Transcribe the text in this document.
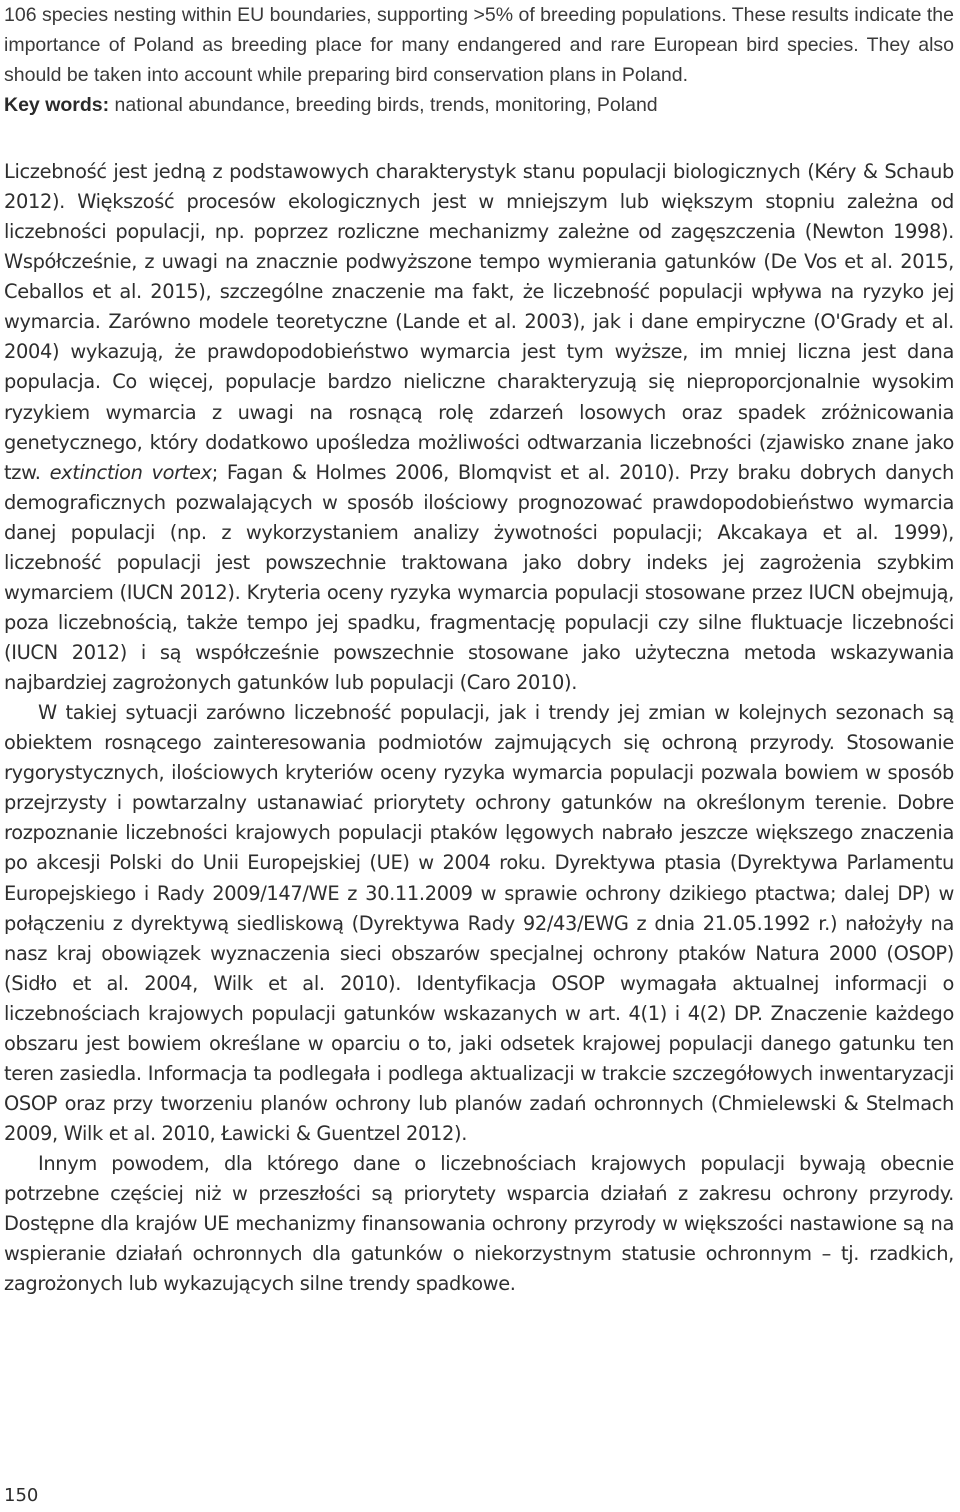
106 species nesting within EU boundaries, supporting >5% of breeding populations. These results indicate the importance of Poland as breeding place for many endangered and rare European bird species. They also should be taken into account while preparing bird conservation plans in Poland.

Key words: national abundance, breeding birds, trends, monitoring, Poland

Liczebność jest jedną z podstawowych charakterystyk stanu populacji biologicznych (Kéry & Schaub 2012). Większość procesów ekologicznych jest w mniejszym lub większym stopniu zależna od liczebności populacji, np. poprzez rozliczne mechanizmy zależne od zagęszczenia (Newton 1998). Współcześnie, z uwagi na znacznie podwyższone tempo wymierania gatunków (De Vos et al. 2015, Ceballos et al. 2015), szczególne znaczenie ma fakt, że liczebność populacji wpływa na ryzyko jej wymarcia. Zarówno modele teoretyczne (Lande et al. 2003), jak i dane empiryczne (O'Grady et al. 2004) wykazują, że prawdopodobieństwo wymarcia jest tym wyższe, im mniej liczna jest dana populacja. Co więcej, populacje bardzo nieliczne charakteryzują się nieproporcjonalnie wysokim ryzykiem wymarcia z uwagi na rosnącą rolę zdarzeń losowych oraz spadek zróżnicowania genetycznego, który dodatkowo upośledza możliwości odtwarzania liczebności (zjawisko znane jako tzw. extinction vortex; Fagan & Holmes 2006, Blomqvist et al. 2010). Przy braku dobrych danych demograficznych pozwalających w sposób ilościowy prognozować prawdopodobieństwo wymarcia danej populacji (np. z wykorzystaniem analizy żywotności populacji; Akcakaya et al. 1999), liczebność populacji jest powszechnie traktowana jako dobry indeks jej zagrożenia szybkim wymarciem (IUCN 2012). Kryteria oceny ryzyka wymarcia populacji stosowane przez IUCN obejmują, poza liczebnością, także tempo jej spadku, fragmentację populacji czy silne fluktuacje liczebności (IUCN 2012) i są współcześnie powszechnie stosowane jako użyteczna metoda wskazywania najbardziej zagrożonych gatunków lub populacji (Caro 2010).

W takiej sytuacji zarówno liczebność populacji, jak i trendy jej zmian w kolejnych sezonach są obiektem rosnącego zainteresowania podmiotów zajmujących się ochroną przyrody. Stosowanie rygorystycznych, ilościowych kryteriów oceny ryzyka wymarcia populacji pozwala bowiem w sposób przejrzysty i powtarzalny ustanawiać priorytety ochrony gatunków na określonym terenie. Dobre rozpoznanie liczebności krajowych populacji ptaków lęgowych nabrało jeszcze większego znaczenia po akcesji Polski do Unii Europejskiej (UE) w 2004 roku. Dyrektywa ptasia (Dyrektywa Parlamentu Europejskiego i Rady 2009/147/WE z 30.11.2009 w sprawie ochrony dzikiego ptactwa; dalej DP) w połączeniu z dyrektywą siedliskową (Dyrektywa Rady 92/43/EWG z dnia 21.05.1992 r.) nałożyły na nasz kraj obowiązek wyznaczenia sieci obszarów specjalnej ochrony ptaków Natura 2000 (OSOP) (Sidło et al. 2004, Wilk et al. 2010). Identyfikacja OSOP wymagała aktualnej informacji o liczebnościach krajowych populacji gatunków wskazanych w art. 4(1) i 4(2) DP. Znaczenie każdego obszaru jest bowiem określane w oparciu o to, jaki odsetek krajowej populacji danego gatunku ten teren zasiedla. Informacja ta podlegała i podlega aktualizacji w trakcie szczegółowych inwentaryzacji OSOP oraz przy tworzeniu planów ochrony lub planów zadań ochronnych (Chmielewski & Stelmach 2009, Wilk et al. 2010, Ławicki & Guentzel 2012).

Innym powodem, dla którego dane o liczebnościach krajowych populacji bywają obecnie potrzebne częściej niż w przeszłości są priorytety wsparcia działań z zakresu ochrony przyrody. Dostępne dla krajów UE mechanizmy finansowania ochrony przyrody w większości nastawione są na wspieranie działań ochronnych dla gatunków o niekorzystnym statusie ochronnym – tj. rzadkich, zagrożonych lub wykazujących silne trendy spadkowe.

150
